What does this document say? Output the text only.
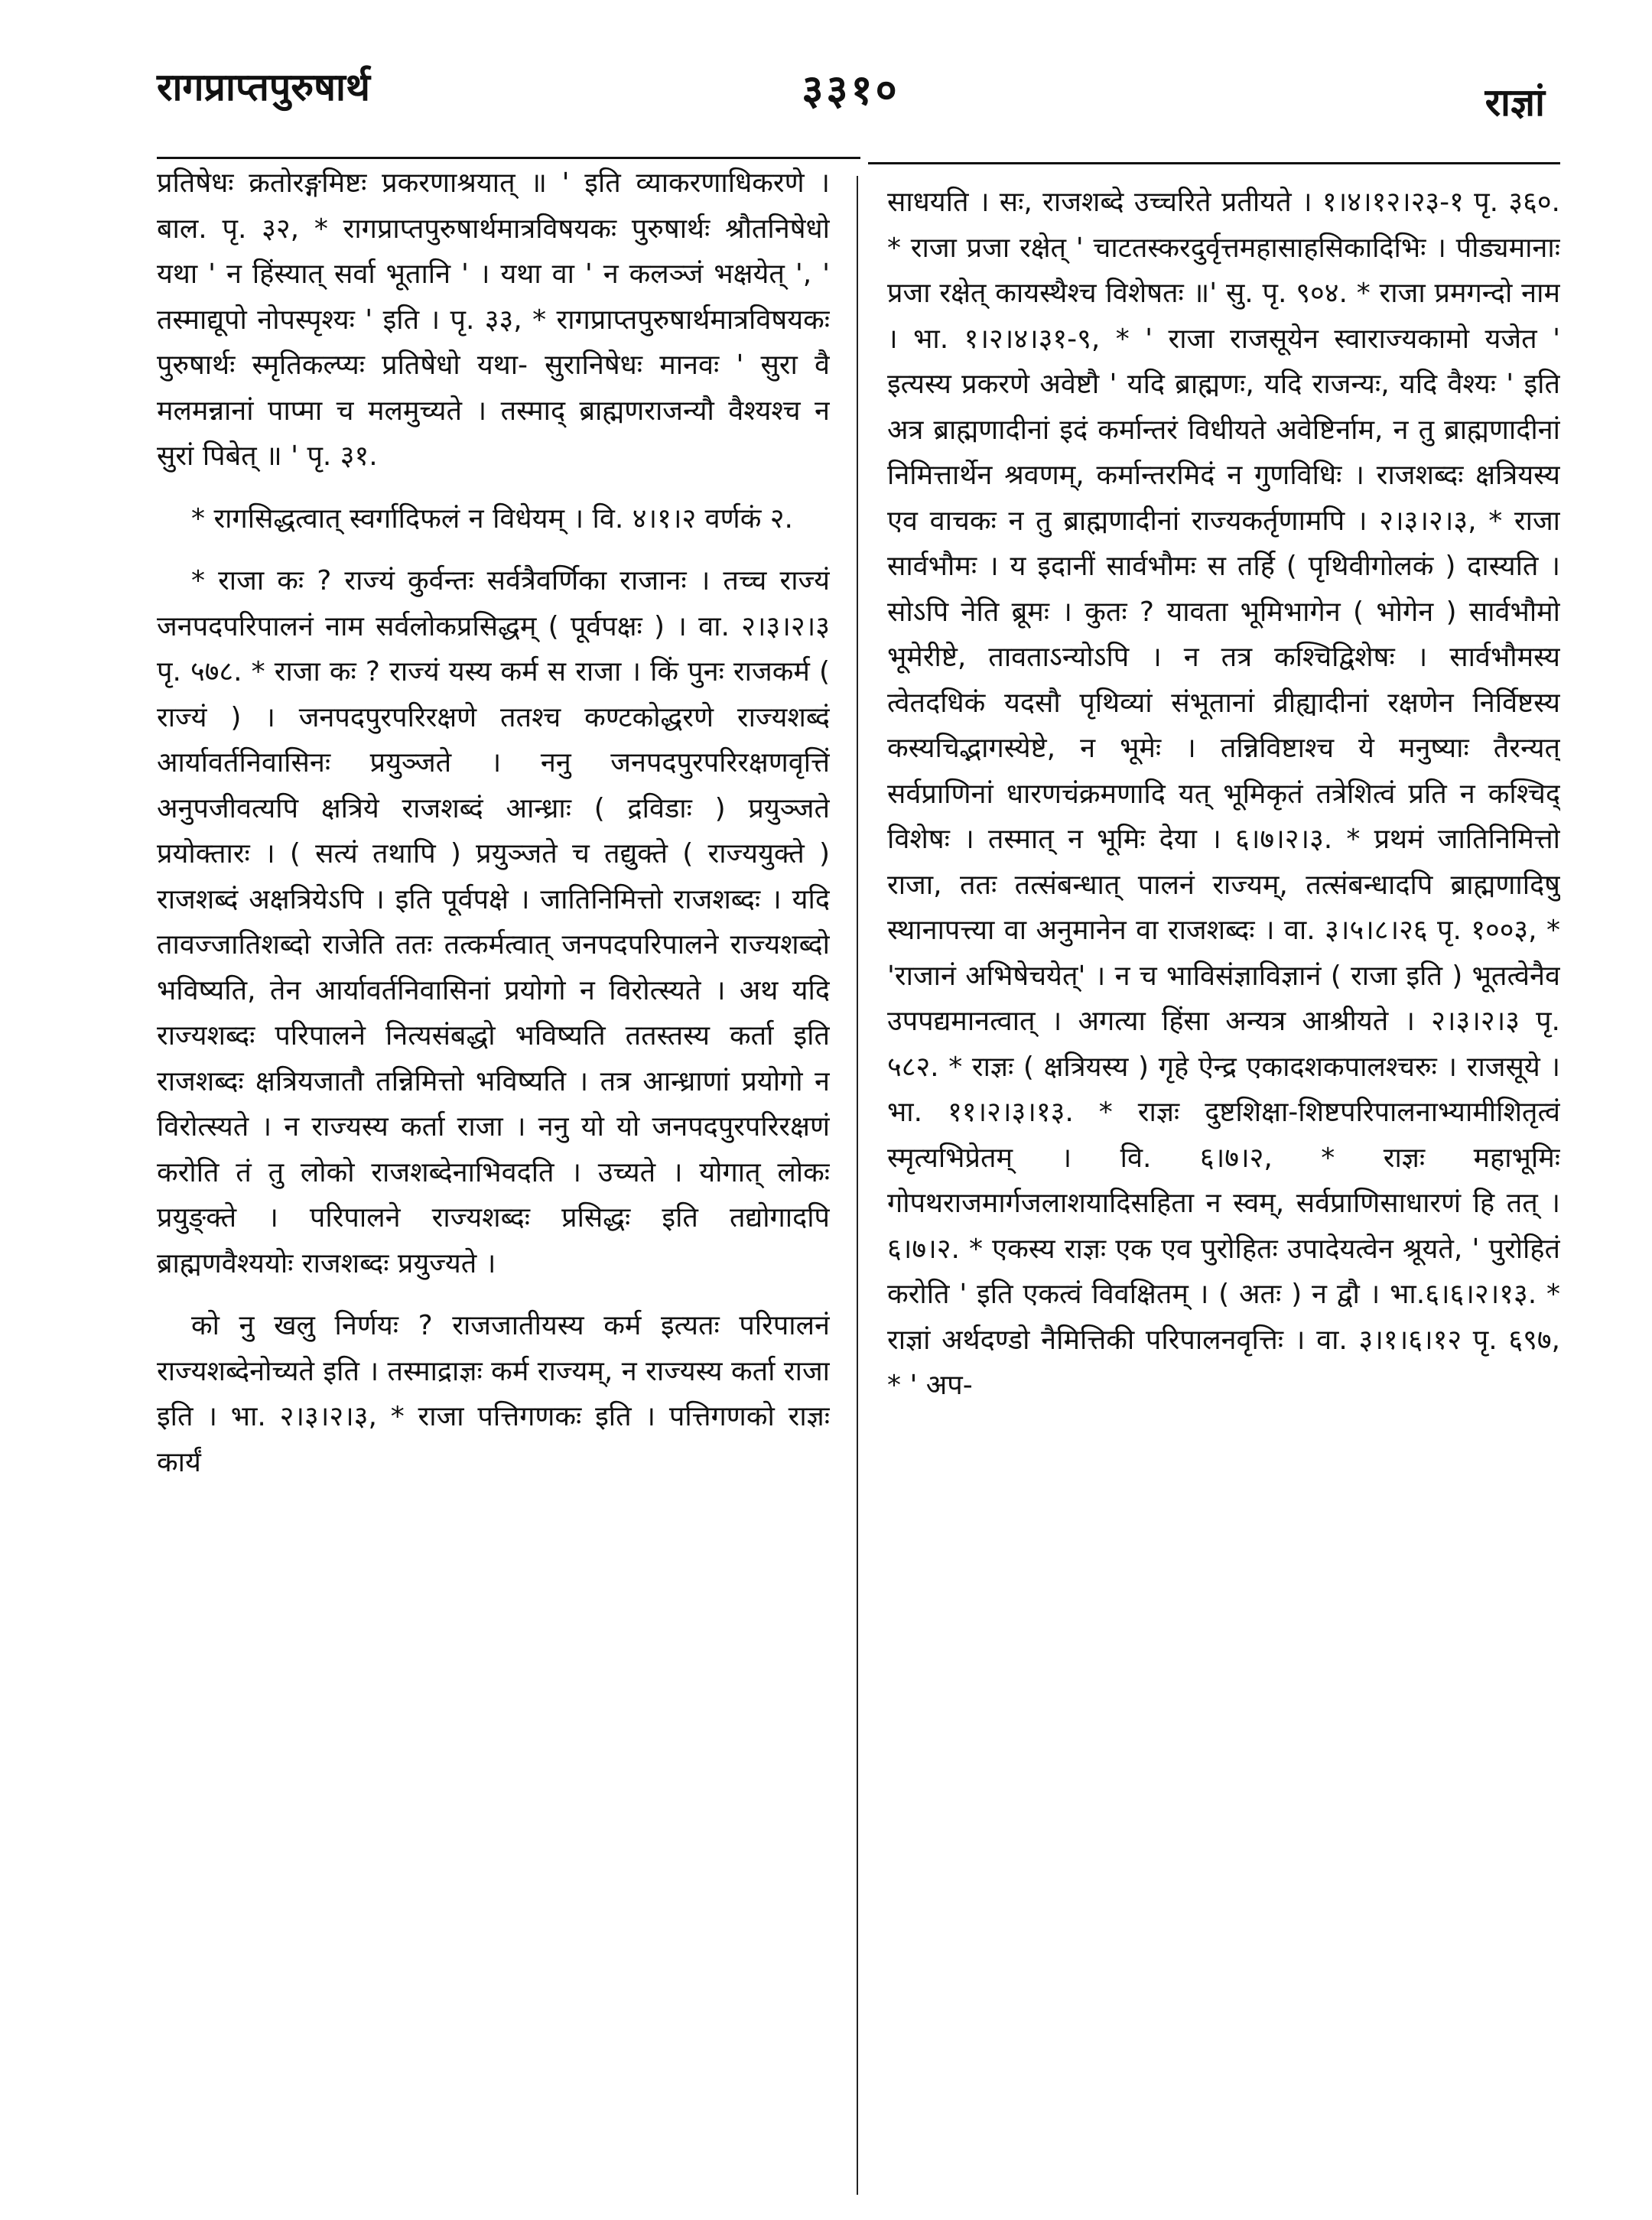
रागप्राप्तपुरुषार्थ	३३१०	राज्ञां

प्रतिषेधः क्रतोरङ्गमिष्टः प्रकरणाश्रयात् ॥ ' इति व्याकरणाधिकरणे । बाल. पृ. ३२, * रागप्राप्तपुरुषार्थमात्रविषयकः पुरुषार्थः श्रौतनिषेधो यथा ' न हिंस्यात् सर्वा भूतानि ' । यथा वा ' न कलञ्जं भक्षयेत् ', ' तस्माद्यूपो नोपस्पृश्यः ' इति । पृ. ३३, * रागप्राप्तपुरुषार्थमात्रविषयकः पुरुषार्थः स्मृतिकल्प्यः प्रतिषेधो यथा- सुरानिषेधः मानवः ' सुरा वै मलमन्नानां पाप्मा च मलमुच्यते । तस्माद् ब्राह्मणराजन्यौ वैश्यश्च न सुरां पिबेत् ॥ ' पृ. ३१.

* रागसिद्धत्वात् स्वर्गादिफलं न विधेयम् । वि. ४।१।२ वर्णकं २.

* राजा कः ? राज्यं कुर्वन्तः सर्वत्रैवर्णिका राजानः । तच्च राज्यं जनपदपरिपालनं नाम सर्वलोकप्रसिद्धम् ( पूर्वपक्षः ) । वा. २।३।२।३ पृ. ५७८. * राजा कः ? राज्यं यस्य कर्म स राजा । किं पुनः राजकर्म ( राज्यं ) । जनपदपुरपरिरक्षणे ततश्च कण्टकोद्धरणे राज्यशब्दं आर्यावर्तनिवासिनः प्रयुञ्जते । ननु जनपदपुरपरिरक्षणवृत्तिं अनुपजीवत्यपि क्षत्रिये राजशब्दं आन्ध्राः ( द्रविडाः ) प्रयुञ्जते प्रयोक्तारः । ( सत्यं तथापि ) प्रयुञ्जते च तद्युक्ते ( राज्ययुक्ते ) राजशब्दं अक्षत्रियेऽपि । इति पूर्वपक्षे । जातिनिमित्तो राजशब्दः । यदि तावज्जातिशब्दो राजेति ततः तत्कर्मत्वात् जनपदपरिपालने राज्यशब्दो भविष्यति, तेन आर्यावर्तनिवासिनां प्रयोगो न विरोत्स्यते । अथ यदि राज्यशब्दः परिपालने नित्यसंबद्धो भविष्यति ततस्तस्य कर्ता इति राजशब्दः क्षत्रियजातौ तन्निमित्तो भविष्यति । तत्र आन्ध्राणां प्रयोगो न विरोत्स्यते । न राज्यस्य कर्ता राजा । ननु यो यो जनपदपुरपरिरक्षणं करोति तं तु लोको राजशब्देनाभिवदति । उच्यते । योगात् लोकः प्रयुङ्क्ते । परिपालने राज्यशब्दः प्रसिद्धः इति तद्योगादपि ब्राह्मणवैश्ययोः राजशब्दः प्रयुज्यते ।

को नु खलु निर्णयः ? राजजातीयस्य कर्म इत्यतः परिपालनं राज्यशब्देनोच्यते इति । तस्माद्राज्ञः कर्म राज्यम्, न राज्यस्य कर्ता राजा इति । भा. २।३।२।३, * राजा पत्तिगणकः इति । पत्तिगणको राज्ञः कार्यं

साधयति । सः, राजशब्दे उच्चरिते प्रतीयते । १।४।१२।२३-१ पृ. ३६०. * राजा प्रजा रक्षेत् ' चाटतस्करदुर्वृत्तमहासाहसिकादिभिः । पीड्यमानाः प्रजा रक्षेत् कायस्थैश्च विशेषतः ॥' सु. पृ. ९०४. * राजा प्रमगन्दो नाम । भा. १।२।४।३१-९, * ' राजा राजसूयेन स्वाराज्यकामो यजेत ' इत्यस्य प्रकरणे अवेष्टौ ' यदि ब्राह्मणः, यदि राजन्यः, यदि वैश्यः ' इति अत्र ब्राह्मणादीनां इदं कर्मान्तरं विधीयते अवेष्टिर्नाम, न तु ब्राह्मणादीनां निमित्तार्थेन श्रवणम्, कर्मान्तरमिदं न गुणविधिः । राजशब्दः क्षत्रियस्य एव वाचकः न तु ब्राह्मणादीनां राज्यकर्तृणामपि । २।३।२।३, * राजा सार्वभौमः । य इदानीं सार्वभौमः स तर्हि ( पृथिवीगोलकं ) दास्यति । सोऽपि नेति ब्रूमः । कुतः ? यावता भूमिभागेन ( भोगेन ) सार्वभौमो भूमेरीष्टे, तावताऽन्योऽपि । न तत्र कश्चिद्विशेषः । सार्वभौमस्य त्वेतदधिकं यदसौ पृथिव्यां संभूतानां व्रीह्यादीनां रक्षणेन निर्विष्टस्य कस्यचिद्भागस्येष्टे, न भूमेः । तन्निविष्टाश्च ये मनुष्याः तैरन्यत् सर्वप्राणिनां धारणचंक्रमणादि यत् भूमिकृतं तत्रेशित्वं प्रति न कश्चिद् विशेषः । तस्मात् न भूमिः देया । ६।७।२।३. * प्रथमं जातिनिमित्तो राजा, ततः तत्संबन्धात् पालनं राज्यम्, तत्संबन्धादपि ब्राह्मणादिषु स्थानापत्त्या वा अनुमानेन वा राजशब्दः । वा. ३।५।८।२६ पृ. १००३, * 'राजानं अभिषेचयेत्' । न च भाविसंज्ञाविज्ञानं ( राजा इति ) भूतत्वेनैव उपपद्यमानत्वात् । अगत्या हिंसा अन्यत्र आश्रीयते । २।३।२।३ पृ. ५८२. * राज्ञः ( क्षत्रियस्य ) गृहे ऐन्द्र एकादशकपालश्चरुः । राजसूये । भा. ११।२।३।१३. * राज्ञः दुष्टशिक्षा-शिष्टपरिपालनाभ्यामीशितृत्वं स्मृत्यभिप्रेतम् । वि. ६।७।२, * राज्ञः महाभूमिः गोपथराजमार्गजलाशयादिसहिता न स्वम्, सर्वप्राणिसाधारणं हि तत् । ६।७।२. * एकस्य राज्ञः एक एव पुरोहितः उपादेयत्वेन श्रूयते, ' पुरोहितं करोति ' इति एकत्वं विवक्षितम् । ( अतः ) न द्वौ । भा.६।६।२।१३. * राज्ञां अर्थदण्डो नैमित्तिकी परिपालनवृत्तिः । वा. ३।१।६।१२ पृ. ६९७, * ' अप-
